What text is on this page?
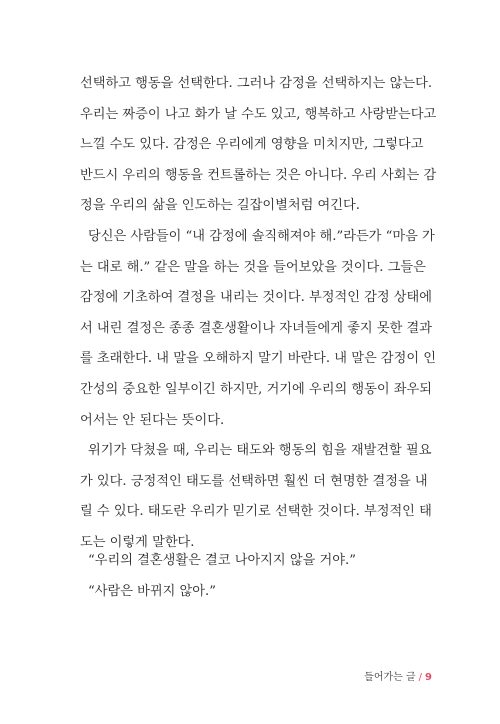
선택하고 행동을 선택한다. 그러나 감정을 선택하지는 않는다.
우리는 짜증이 나고 화가 날 수도 있고, 행복하고 사랑받는다고
느낄 수도 있다. 감정은 우리에게 영향을 미치지만, 그렇다고
반드시 우리의 행동을 컨트롤하는 것은 아니다. 우리 사회는 감
정을 우리의 삶을 인도하는 길잡이별처럼 여긴다.
당신은 사람들이 “내 감정에 솔직해져야 해.”라든가 “마음 가
는 대로 해.” 같은 말을 하는 것을 들어보았을 것이다. 그들은
감정에 기초하여 결정을 내리는 것이다. 부정적인 감정 상태에
서 내린 결정은 종종 결혼생활이나 자녀들에게 좋지 못한 결과
를 초래한다. 내 말을 오해하지 말기 바란다. 내 말은 감정이 인
간성의 중요한 일부이긴 하지만, 거기에 우리의 행동이 좌우되
어서는 안 된다는 뜻이다.
위기가 닥쳤을 때, 우리는 태도와 행동의 힘을 재발견할 필요
가 있다. 긍정적인 태도를 선택하면 훨씬 더 현명한 결정을 내
릴 수 있다. 태도란 우리가 믿기로 선택한 것이다. 부정적인 태
도는 이렇게 말한다.
“우리의 결혼생활은 결코 나아지지 않을 거야.”
“사람은 바뀌지 않아.”
들어가는 글 / 9
